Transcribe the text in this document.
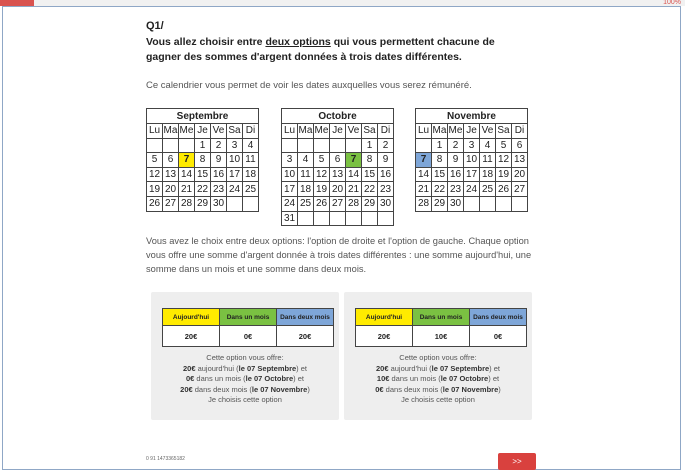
5%	100%
Q1/
Vous allez choisir entre deux options qui vous permettent chacune de gagner des sommes d'argent données à trois dates différentes.
Ce calendrier vous permet de voir les dates auxquelles vous serez rémunéré.
Septembre						
Lu	Ma	Me	Je	Ve	Sa	Di
			1	2	3	4
5	6	7	8	9	10	11
12	13	14	15	16	17	18
19	20	21	22	23	24	25
26	27	28	29	30		
Octobre						
Lu	Ma	Me	Je	Ve	Sa	Di
					1	2
3	4	5	6	7	8	9
10	11	12	13	14	15	16
17	18	19	20	21	22	23
24	25	26	27	28	29	30
31						
Novembre						
Lu	Ma	Me	Je	Ve	Sa	Di
	1	2	3	4	5	6
7	8	9	10	11	12	13
14	15	16	17	18	19	20
21	22	23	24	25	26	27
28	29	30				
Vous avez le choix entre deux options: l'option de droite et l'option de gauche. Chaque option vous offre une somme d'argent donnée à trois dates différentes : une somme aujourd'hui, une somme dans un mois et une somme dans deux mois.
Aujourd'hui	Dans un mois	Dans deux mois
20€	0€	20€
Cette option vous offre:
20€ aujourd'hui (le 07 Septembre) et
0€ dans un mois (le 07 Octobre) et
20€ dans deux mois (le 07 Novembre)
Je choisis cette option
Aujourd'hui	Dans un mois	Dans deux mois
20€	10€	0€
Cette option vous offre:
20€ aujourd'hui (le 07 Septembre) et
10€ dans un mois (le 07 Octobre) et
0€ dans deux mois (le 07 Novembre)
Je choisis cette option
0 91 1473365182	>>
